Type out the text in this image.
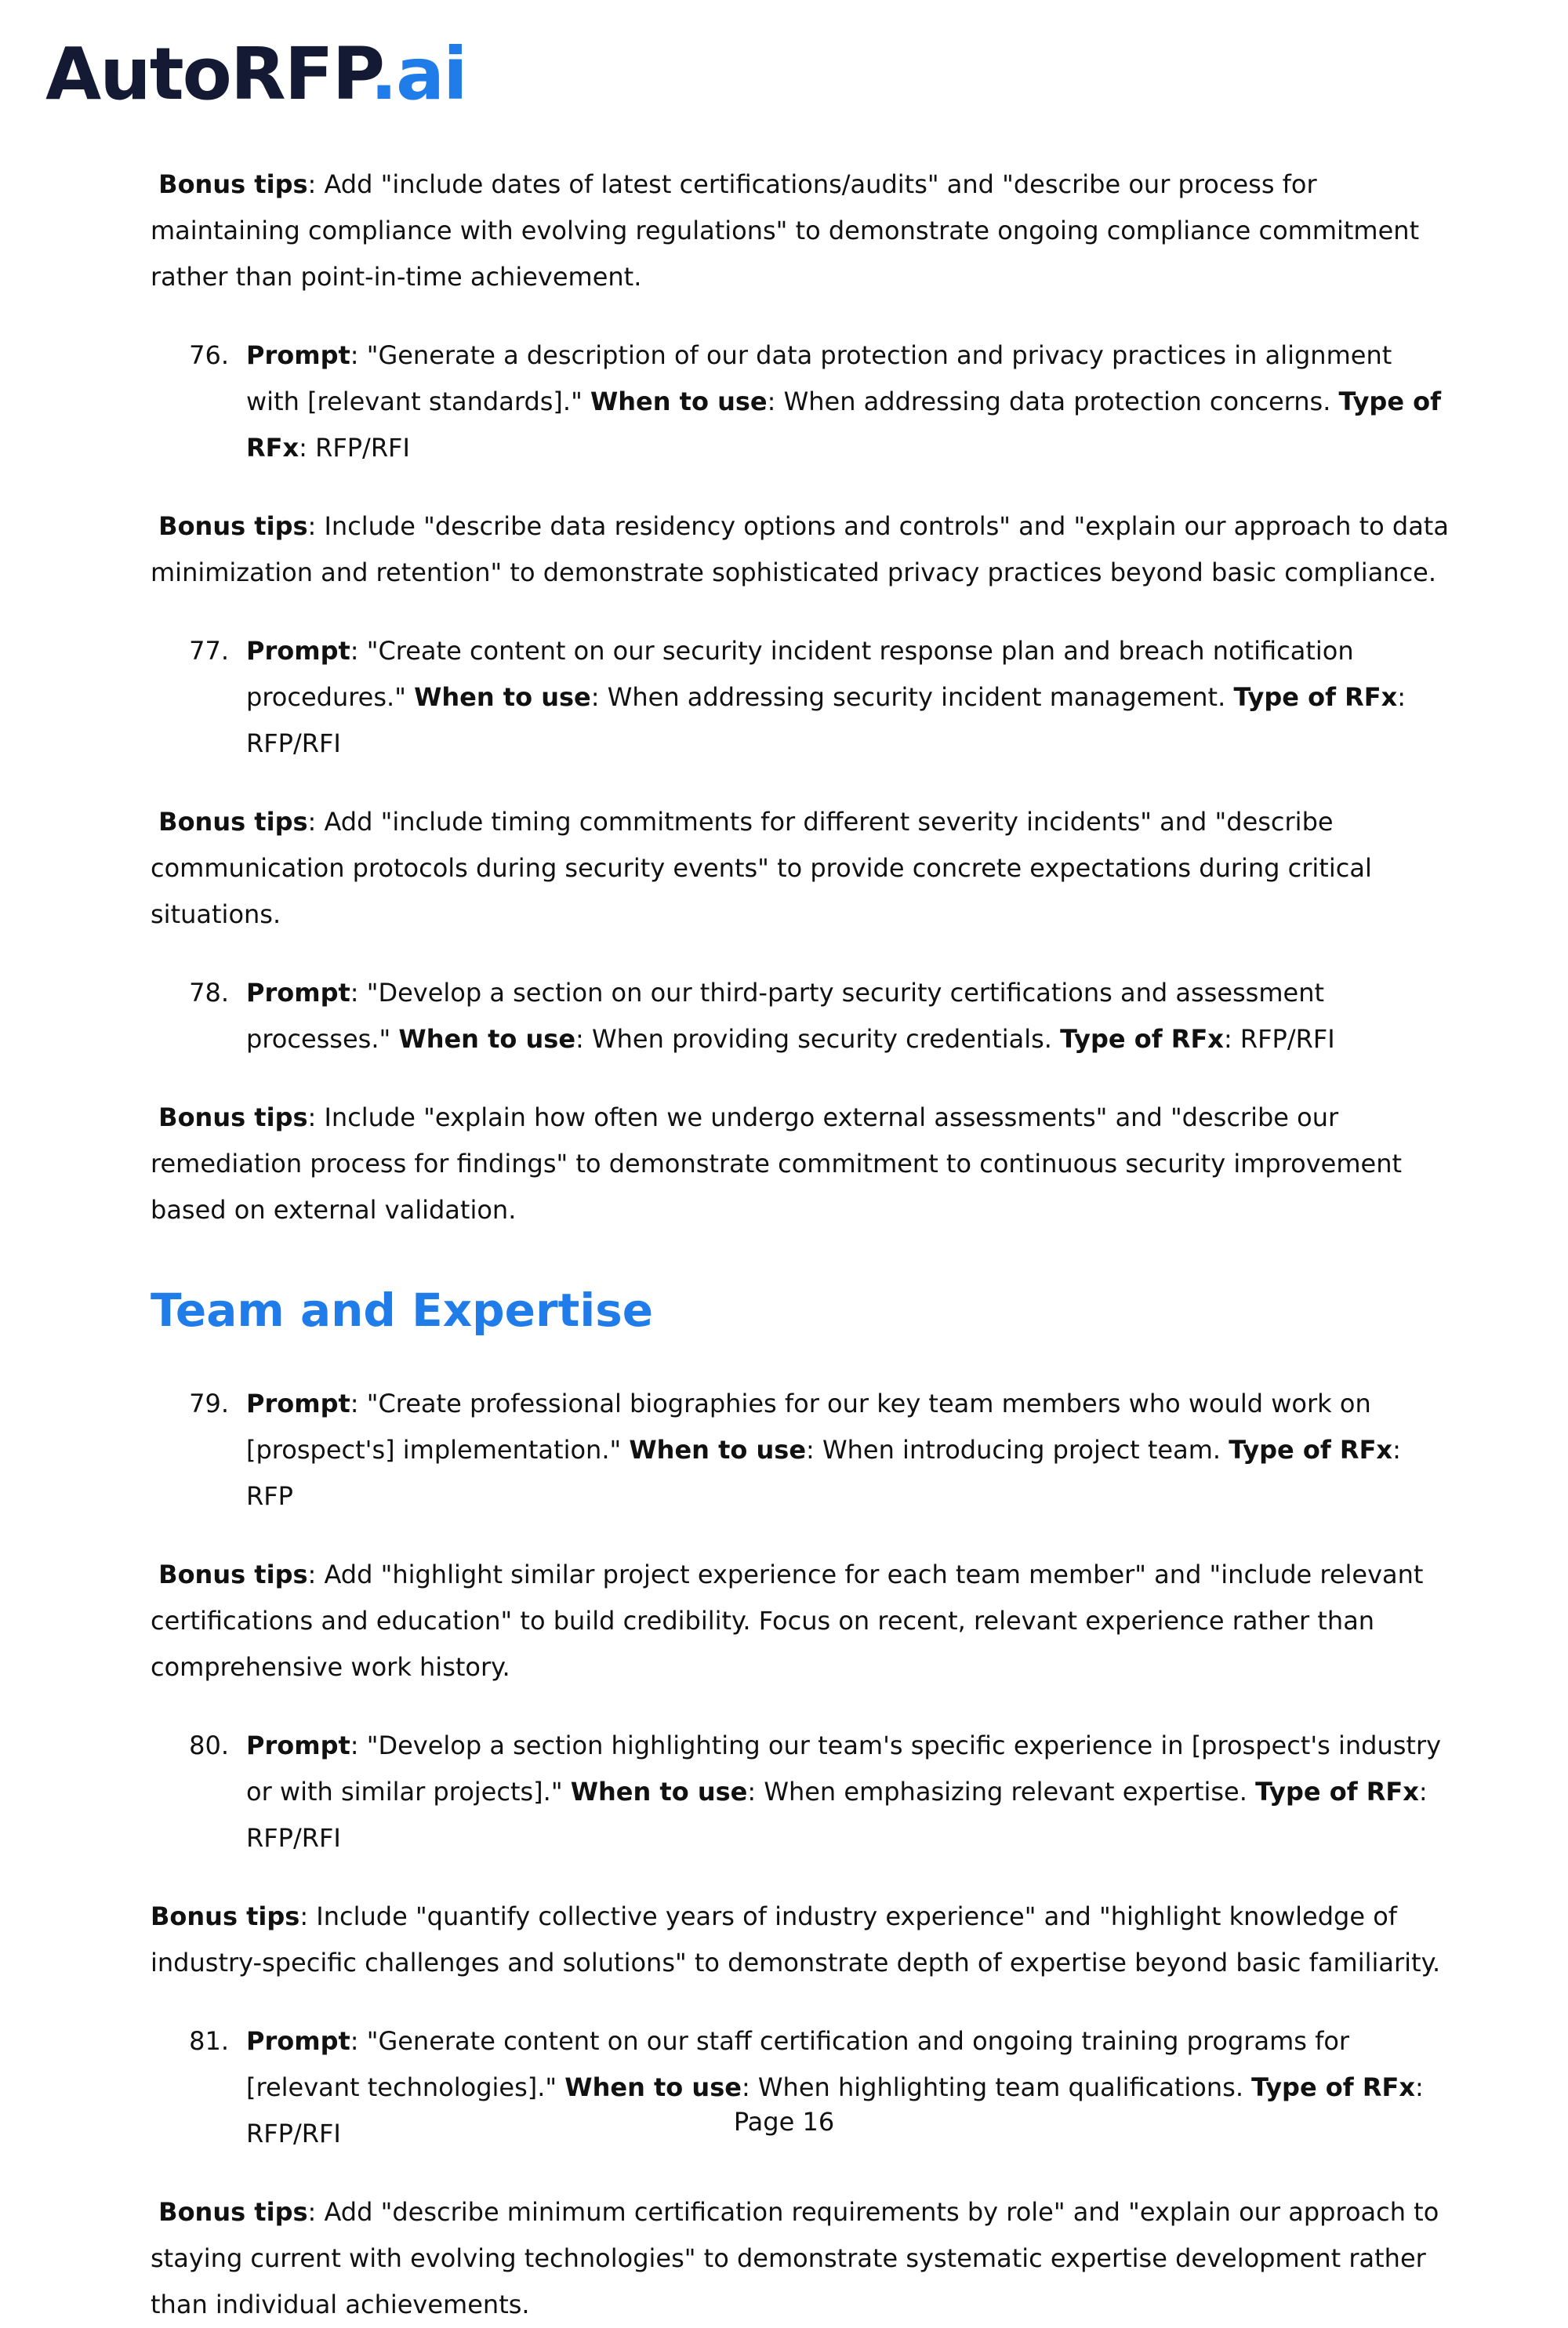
AutoRFP.ai

Bonus tips: Add "include dates of latest certifications/audits" and "describe our process for maintaining compliance with evolving regulations" to demonstrate ongoing compliance commitment rather than point-in-time achievement.

76. Prompt: "Generate a description of our data protection and privacy practices in alignment with [relevant standards]." When to use: When addressing data protection concerns. Type of RFx: RFP/RFI

Bonus tips: Include "describe data residency options and controls" and "explain our approach to data minimization and retention" to demonstrate sophisticated privacy practices beyond basic compliance.

77. Prompt: "Create content on our security incident response plan and breach notification procedures." When to use: When addressing security incident management. Type of RFx: RFP/RFI

Bonus tips: Add "include timing commitments for different severity incidents" and "describe communication protocols during security events" to provide concrete expectations during critical situations.

78. Prompt: "Develop a section on our third-party security certifications and assessment processes." When to use: When providing security credentials. Type of RFx: RFP/RFI

Bonus tips: Include "explain how often we undergo external assessments" and "describe our remediation process for findings" to demonstrate commitment to continuous security improvement based on external validation.

Team and Expertise
79. Prompt: "Create professional biographies for our key team members who would work on [prospect's] implementation." When to use: When introducing project team. Type of RFx: RFP

Bonus tips: Add "highlight similar project experience for each team member" and "include relevant certifications and education" to build credibility. Focus on recent, relevant experience rather than comprehensive work history.

80. Prompt: "Develop a section highlighting our team's specific experience in [prospect's industry or with similar projects]." When to use: When emphasizing relevant expertise. Type of RFx: RFP/RFI

Bonus tips: Include "quantify collective years of industry experience" and "highlight knowledge of industry-specific challenges and solutions" to demonstrate depth of expertise beyond basic familiarity.

81. Prompt: "Generate content on our staff certification and ongoing training programs for [relevant technologies]." When to use: When highlighting team qualifications. Type of RFx: RFP/RFI

Bonus tips: Add "describe minimum certification requirements by role" and "explain our approach to staying current with evolving technologies" to demonstrate systematic expertise development rather than individual achievements.

Page 16
